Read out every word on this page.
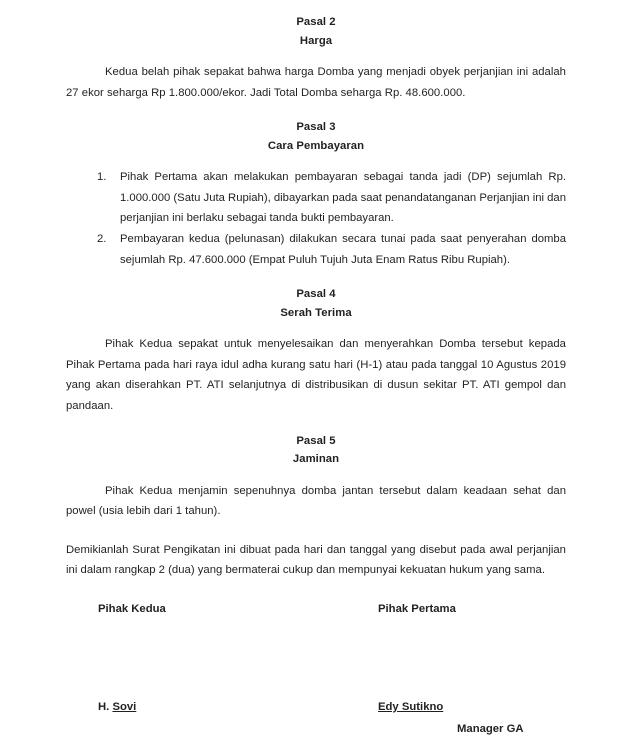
Pasal 2
Harga

Kedua belah pihak sepakat bahwa harga Domba yang menjadi obyek perjanjian ini adalah 27 ekor seharga Rp 1.800.000/ekor. Jadi Total Domba seharga Rp. 48.600.000.

Pasal 3
Cara Pembayaran
1.	Pihak Pertama akan melakukan pembayaran sebagai tanda jadi (DP) sejumlah Rp. 1.000.000 (Satu Juta Rupiah), dibayarkan pada saat penandatanganan Perjanjian ini dan perjanjian ini berlaku sebagai tanda bukti pembayaran.
2.	Pembayaran kedua (pelunasan) dilakukan secara tunai pada saat penyerahan domba sejumlah Rp. 47.600.000 (Empat Puluh Tujuh Juta Enam Ratus Ribu Rupiah).
Pasal 4
Serah Terima

Pihak Kedua sepakat untuk menyelesaikan dan menyerahkan Domba tersebut kepada Pihak Pertama pada hari raya idul adha kurang satu hari (H-1) atau pada tanggal 10 Agustus 2019 yang akan diserahkan PT. ATI selanjutnya di distribusikan di dusun sekitar PT. ATI gempol dan pandaan.

Pasal 5
Jaminan

Pihak Kedua menjamin sepenuhnya domba jantan tersebut dalam keadaan sehat dan powel (usia lebih dari 1 tahun).

Demikianlah Surat Pengikatan ini dibuat pada hari dan tanggal yang disebut pada awal perjanjian ini dalam rangkap 2 (dua) yang bermaterai cukup dan mempunyai kekuatan hukum yang sama.

Pihak Kedua	Pihak Pertama
H. Sovi	Edy Sutikno
Manager GA
